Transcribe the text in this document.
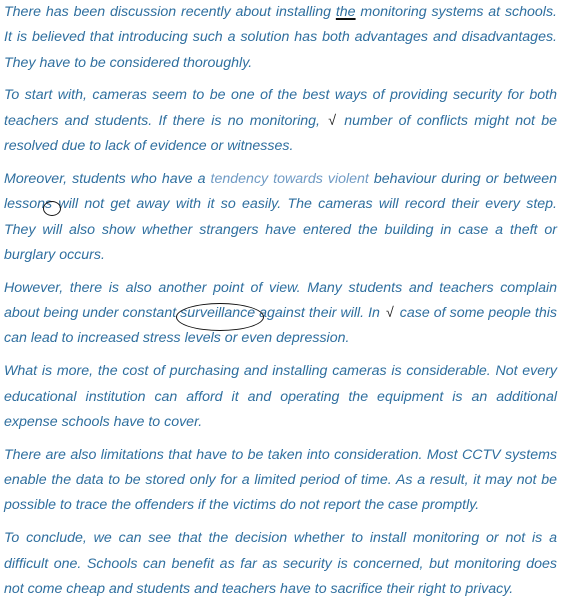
There has been discussion recently about installing the monitoring systems at schools. It is believed that introducing such a solution has both advantages and disadvantages. They have to be considered thoroughly.

To start with, cameras seem to be one of the best ways of providing security for both teachers and students. If there is no monitoring, √ number of conflicts might not be resolved due to lack of evidence or witnesses.

Moreover, students who have a tendency towards violent behaviour during or between lessons
will not get away with it so easily. The cameras will record their every step. They will also show whether strangers have entered the building in case a theft or burglary occurs.

However, there is also another point of view. Many students and teachers complain about being under constant surveillance
against their will. In √ case of some people this can lead to increased stress levels or even depression.

What is more, the cost of purchasing and installing cameras is considerable. Not every educational institution can afford it and operating the equipment is an additional expense schools have to cover.

There are also limitations that have to be taken into consideration. Most CCTV systems enable the data to be stored only for a limited period of time. As a result, it may not be possible to trace the offenders if the victims do not report the case promptly.

To conclude, we can see that the decision whether to install monitoring or not is a difficult one. Schools can benefit as far as security is concerned, but monitoring does not come cheap and students and teachers have to sacrifice their right to privacy.
